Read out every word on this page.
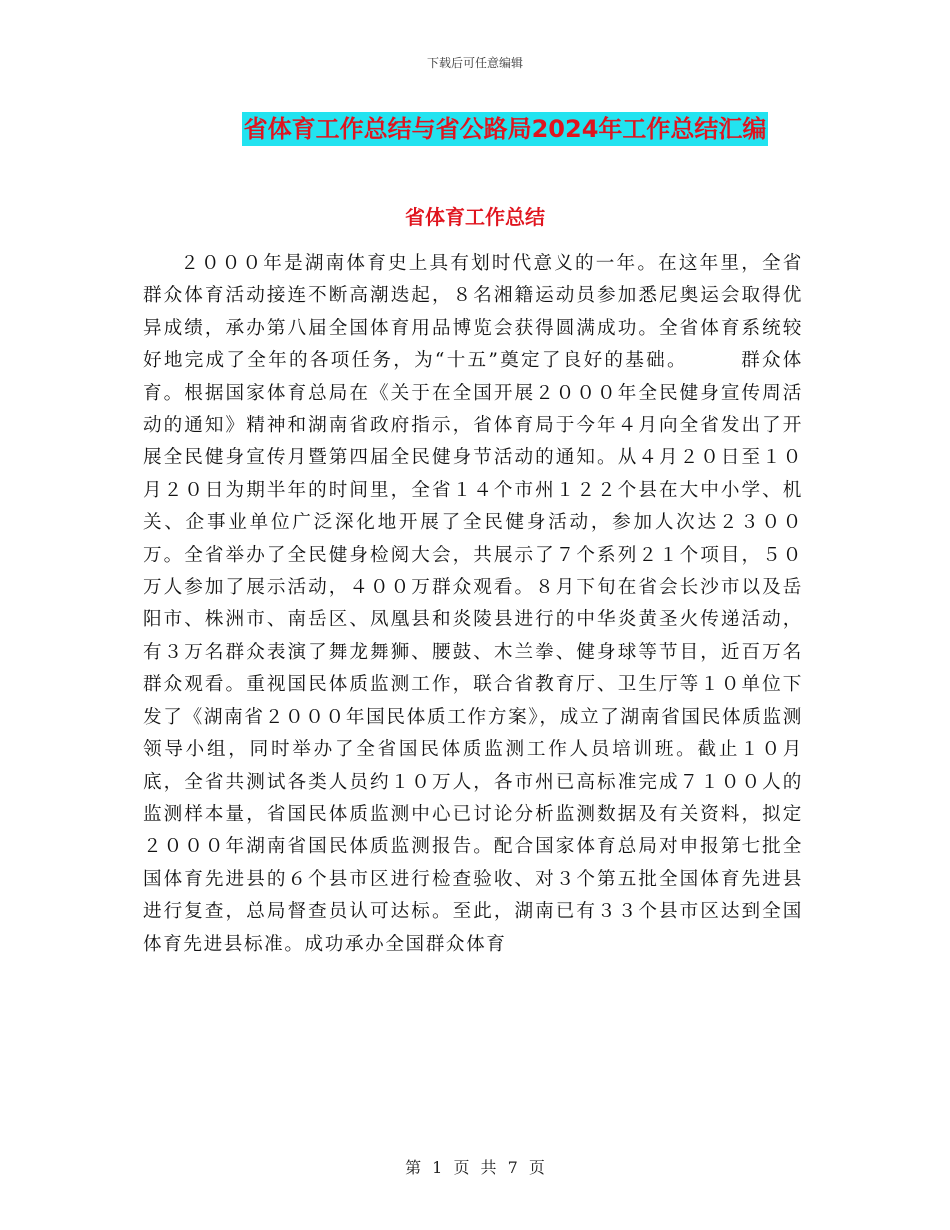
下载后可任意编辑
省体育工作总结与省公路局2024年工作总结汇编
省体育工作总结

２０００年是湖南体育史上具有划时代意义的一年。在这年里，全省群众体育活动接连不断高潮迭起，８名湘籍运动员参加悉尼奥运会取得优异成绩，承办第八届全国体育用品博览会获得圆满成功。全省体育系统较好地完成了全年的各项任务，为“十五”奠定了良好的基础。　　　群众体育。根据国家体育总局在《关于在全国开展２０００年全民健身宣传周活动的通知》精神和湖南省政府指示，省体育局于今年４月向全省发出了开展全民健身宣传月暨第四届全民健身节活动的通知。从４月２０日至１０月２０日为期半年的时间里，全省１４个市州１２２个县在大中小学、机关、企事业单位广泛深化地开展了全民健身活动，参加人次达２３００万。全省举办了全民健身检阅大会，共展示了７个系列２１个项目，５０万人参加了展示活动，４００万群众观看。８月下旬在省会长沙市以及岳阳市、株洲市、南岳区、凤凰县和炎陵县进行的中华炎黄圣火传递活动，有３万名群众表演了舞龙舞狮、腰鼓、木兰拳、健身球等节目，近百万名群众观看。重视国民体质监测工作，联合省教育厅、卫生厅等１０单位下发了《湖南省２０００年国民体质工作方案》，成立了湖南省国民体质监测领导小组，同时举办了全省国民体质监测工作人员培训班。截止１０月底，全省共测试各类人员约１０万人，各市州已高标准完成７１００人的监测样本量，省国民体质监测中心已讨论分析监测数据及有关资料，拟定２０００年湖南省国民体质监测报告。配合国家体育总局对申报第七批全国体育先进县的６个县市区进行检查验收、对３个第五批全国体育先进县进行复查，总局督查员认可达标。至此，湖南已有３３个县市区达到全国体育先进县标准。成功承办全国群众体育

第 1 页 共 7 页
